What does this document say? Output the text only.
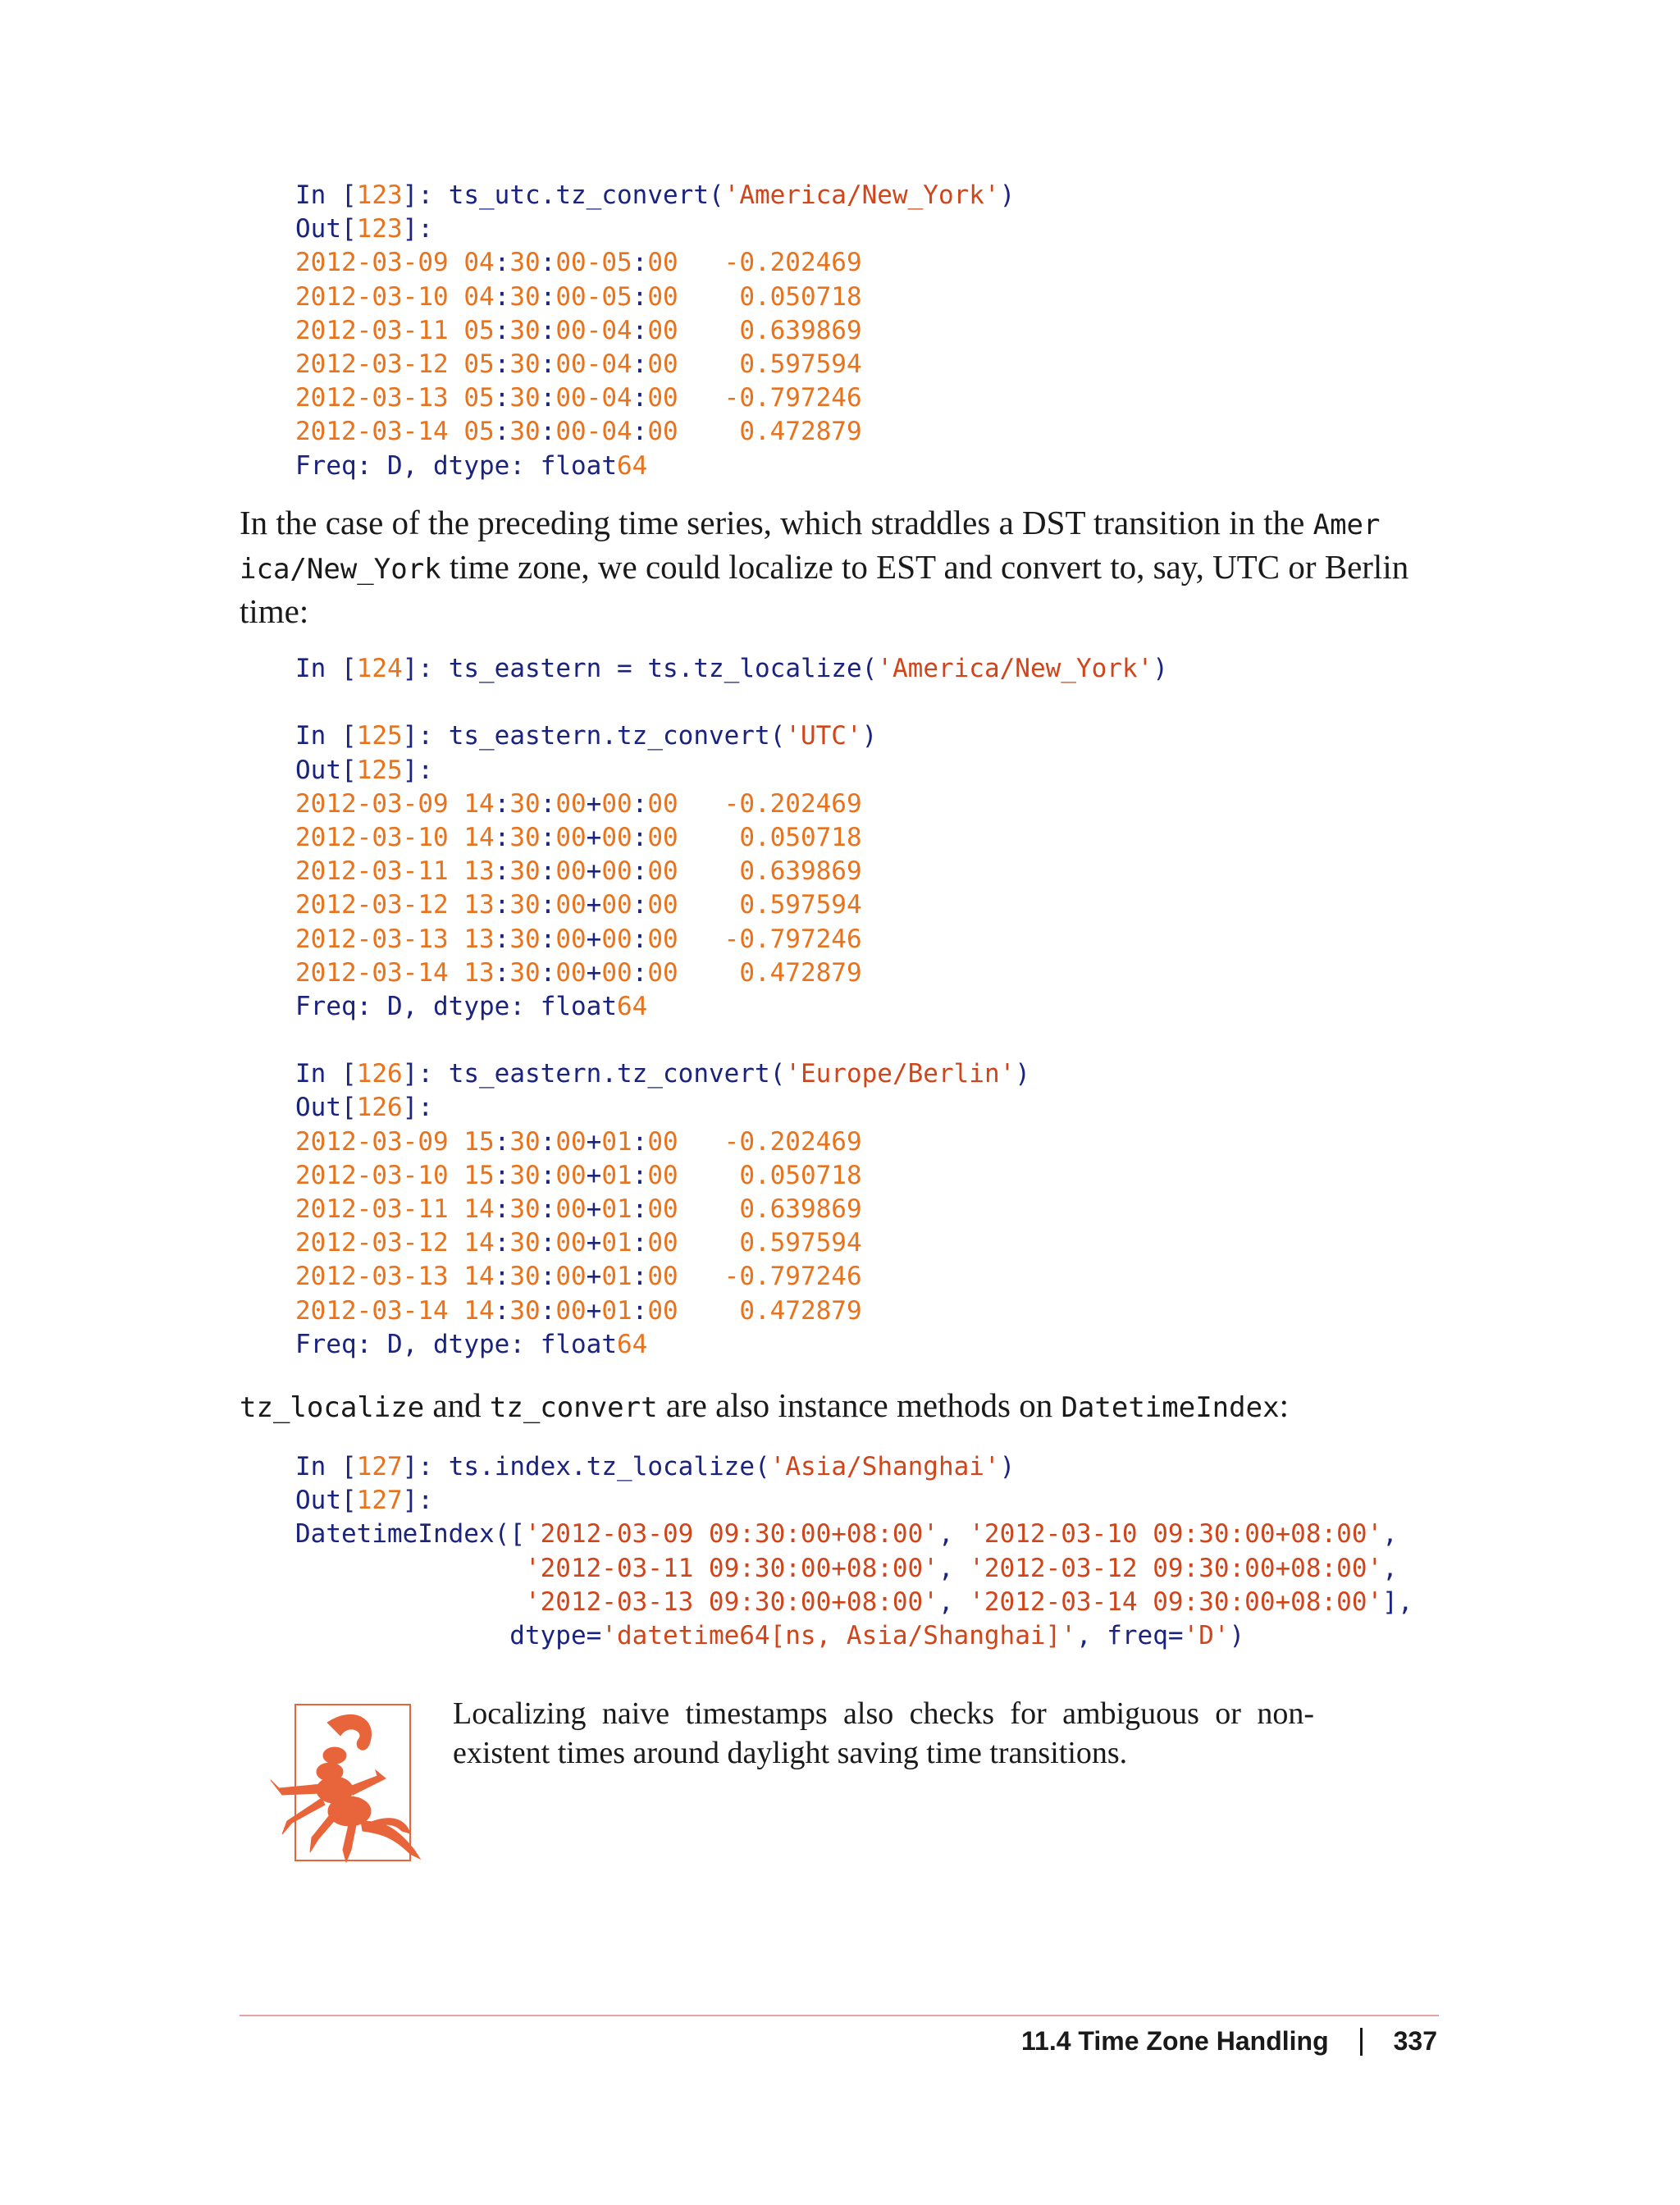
In [123]: ts_utc.tz_convert('America/New_York')
Out[123]:
2012-03-09 04:30:00-05:00 -0.202469
2012-03-10 04:30:00-05:00 0.050718
2012-03-11 05:30:00-04:00 0.639869
2012-03-12 05:30:00-04:00 0.597594
2012-03-13 05:30:00-04:00 -0.797246
2012-03-14 05:30:00-04:00 0.472879
Freq: D, dtype: float64
In the case of the preceding time series, which straddles a DST transition in the Amer
ica/New_York time zone, we could localize to EST and convert to, say, UTC or Berlin time:
In [124]: ts_eastern = ts.tz_localize('America/New_York')
In [125]: ts_eastern.tz_convert('UTC')
Out[125]:
2012-03-09 14:30:00+00:00 -0.202469
2012-03-10 14:30:00+00:00 0.050718
2012-03-11 13:30:00+00:00 0.639869
2012-03-12 13:30:00+00:00 0.597594
2012-03-13 13:30:00+00:00 -0.797246
2012-03-14 13:30:00+00:00 0.472879
Freq: D, dtype: float64
In [126]: ts_eastern.tz_convert('Europe/Berlin')
Out[126]:
2012-03-09 15:30:00+01:00 -0.202469
2012-03-10 15:30:00+01:00 0.050718
2012-03-11 14:30:00+01:00 0.639869
2012-03-12 14:30:00+01:00 0.597594
2012-03-13 14:30:00+01:00 -0.797246
2012-03-14 14:30:00+01:00 0.472879
Freq: D, dtype: float64
tz_localize and tz_convert are also instance methods on DatetimeIndex:
In [127]: ts.index.tz_localize('Asia/Shanghai')
Out[127]:
DatetimeIndex(['2012-03-09 09:30:00+08:00', '2012-03-10 09:30:00+08:00',
'2012-03-11 09:30:00+08:00', '2012-03-12 09:30:00+08:00',
'2012-03-13 09:30:00+08:00', '2012-03-14 09:30:00+08:00'],
dtype='datetime64[ns, Asia/Shanghai]', freq='D')
Localizing naive timestamps also checks for ambiguous or non-existent times around daylight saving time transitions.
11.4 Time Zone Handling 337
